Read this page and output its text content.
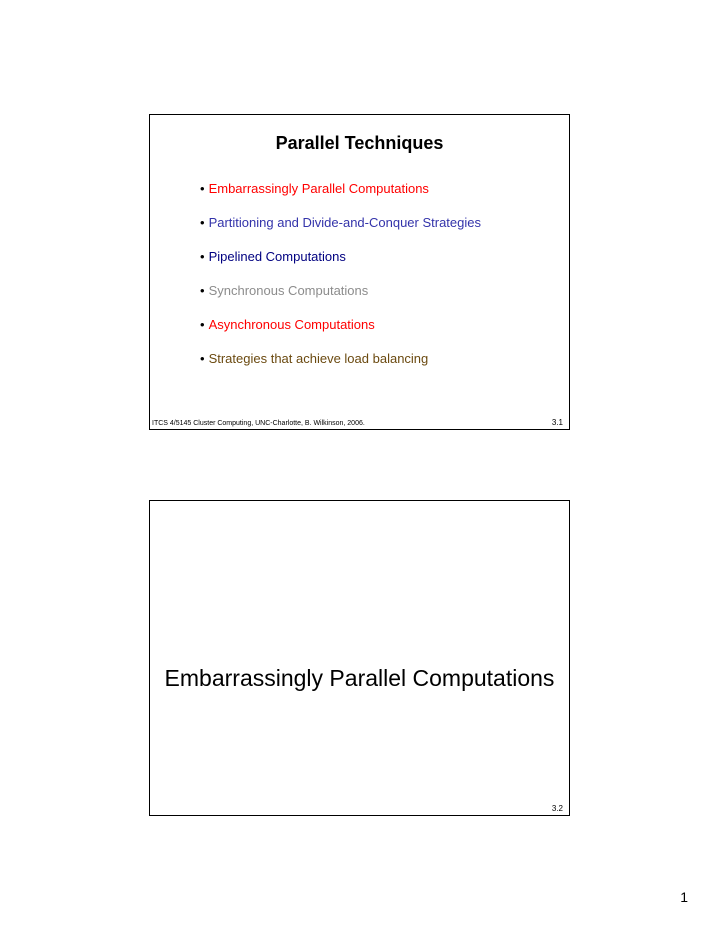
Parallel Techniques
• Embarrassingly Parallel Computations
• Partitioning and Divide-and-Conquer Strategies
• Pipelined Computations
• Synchronous Computations
• Asynchronous Computations
• Strategies that achieve load balancing
ITCS 4/5145 Cluster Computing, UNC-Charlotte, B. Wilkinson, 2006.	3.1
Embarrassingly Parallel Computations
3.2
1
